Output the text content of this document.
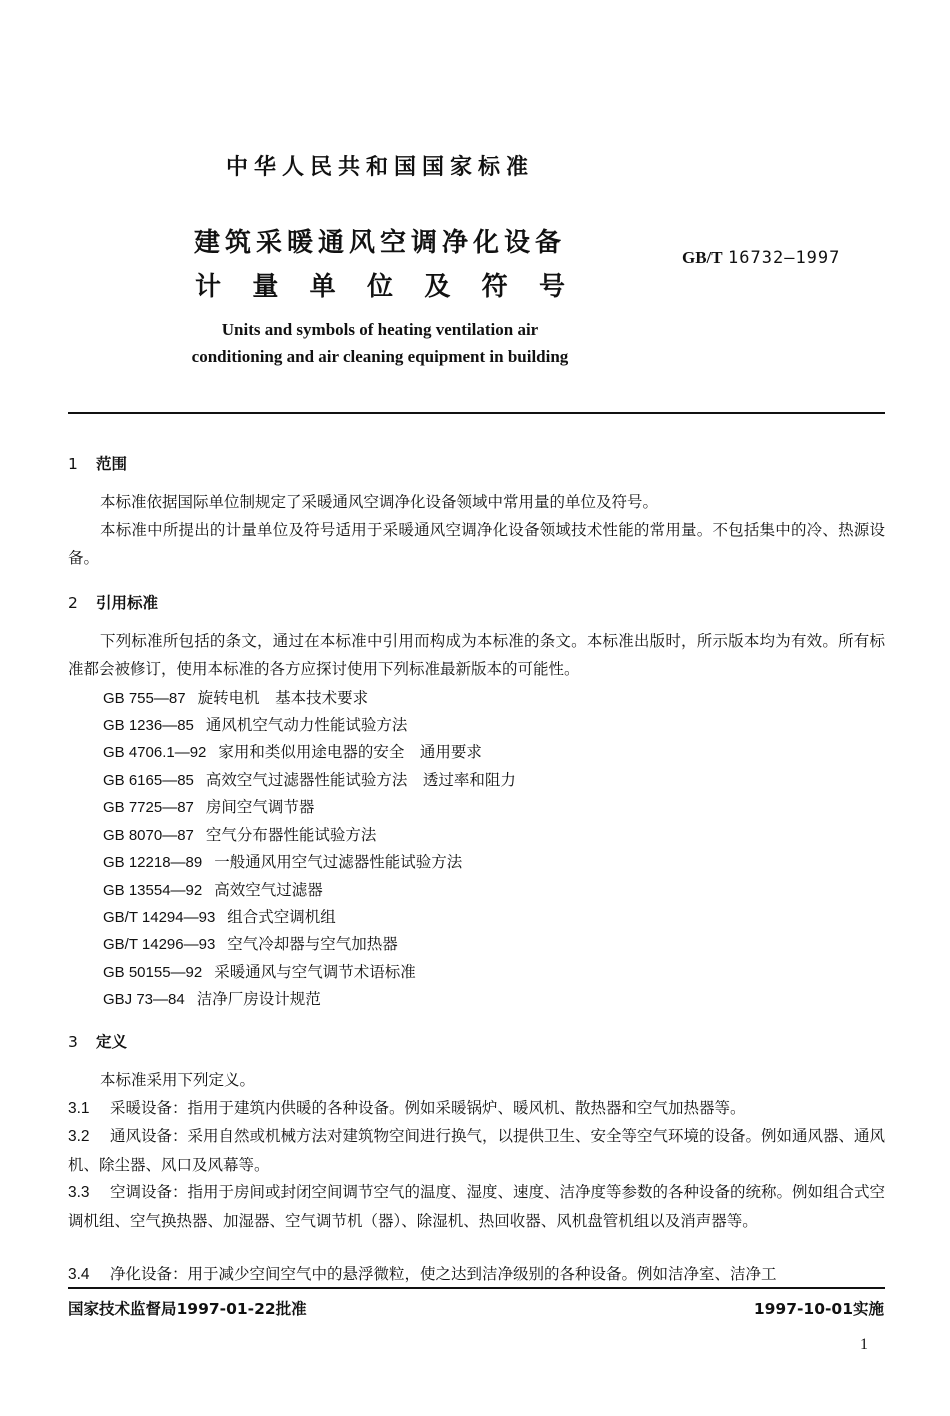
中华人民共和国国家标准
建筑采暖通风空调净化设备
计 量 单 位 及 符 号
GB/T 16732—1997
Units and symbols of heating ventilation air
conditioning and air cleaning equipment in building
1 范围
本标准依据国际单位制规定了采暖通风空调净化设备领域中常用量的单位及符号。
本标准中所提出的计量单位及符号适用于采暖通风空调净化设备领域技术性能的常用量。不包括集中的冷、热源设备。
2 引用标准
下列标准所包括的条文，通过在本标准中引用而构成为本标准的条文。本标准出版时，所示版本均为有效。所有标准都会被修订，使用本标准的各方应探讨使用下列标准最新版本的可能性。
GB 755—87 旋转电机　基本技术要求
GB 1236—85 通风机空气动力性能试验方法
GB 4706.1—92 家用和类似用途电器的安全　通用要求
GB 6165—85 高效空气过滤器性能试验方法　透过率和阻力
GB 7725—87 房间空气调节器
GB 8070—87 空气分布器性能试验方法
GB 12218—89 一般通风用空气过滤器性能试验方法
GB 13554—92 高效空气过滤器
GB/T 14294—93 组合式空调机组
GB/T 14296—93 空气冷却器与空气加热器
GB 50155—92 采暖通风与空气调节术语标准
GBJ 73—84 洁净厂房设计规范
3 定义
本标准采用下列定义。
3.1 采暖设备：指用于建筑内供暖的各种设备。例如采暖锅炉、暖风机、散热器和空气加热器等。
3.2 通风设备：采用自然或机械方法对建筑物空间进行换气，以提供卫生、安全等空气环境的设备。例如通风器、通风机、除尘器、风口及风幕等。
3.3 空调设备：指用于房间或封闭空间调节空气的温度、湿度、速度、洁净度等参数的各种设备的统称。例如组合式空调机组、空气换热器、加湿器、空气调节机（器）、除湿机、热回收器、风机盘管机组以及消声器等。
3.4 净化设备：用于减少空间空气中的悬浮微粒，使之达到洁净级别的各种设备。例如洁净室、洁净工
国家技术监督局1997-01-22批准	1997-10-01实施
1
